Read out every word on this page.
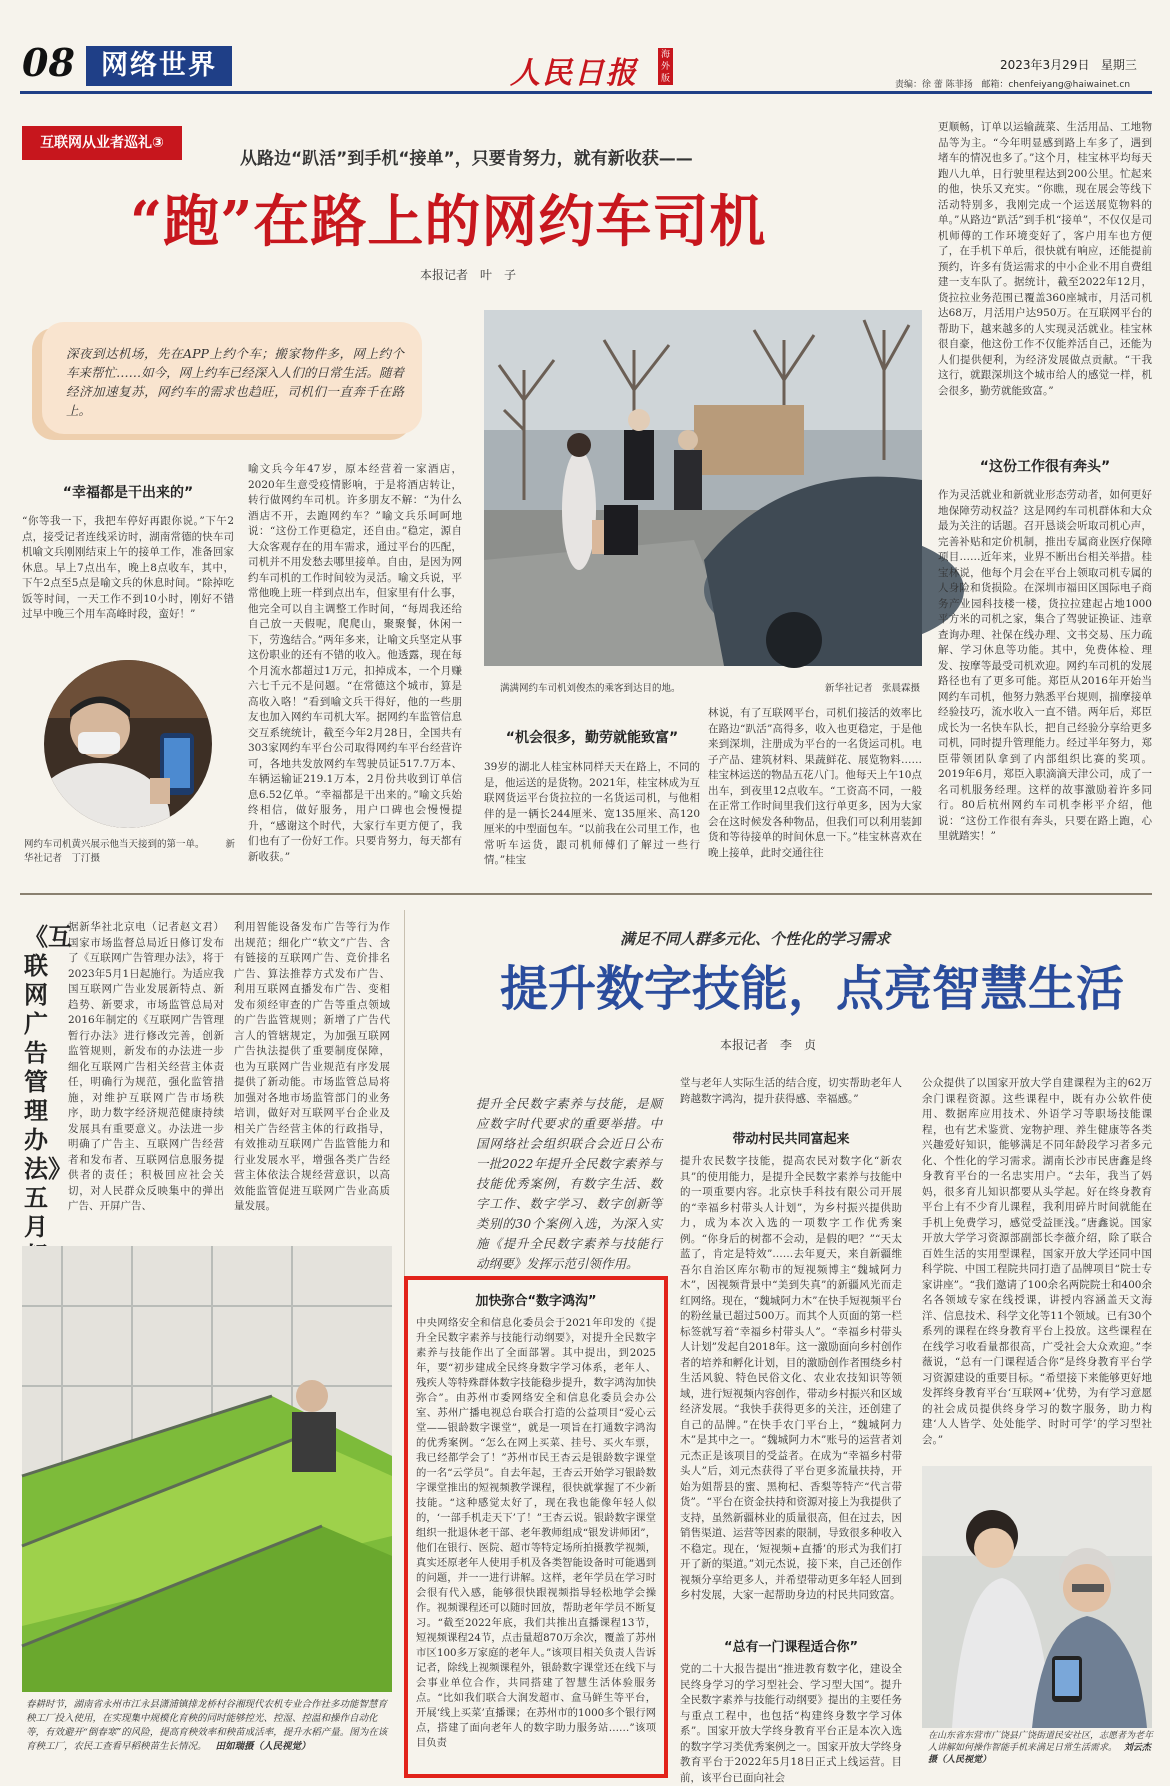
08 网络世界	人民日报
海外版
2023年3月29日 星期三
责编：徐 蕾 陈菲扬 邮箱：chenfeiyang@haiwainet.cn
互联网从业者巡礼③
从路边“趴活”到手机“接单”，只要肯努力，就有新收获——
“跑”在路上的网约车司机
本报记者　叶　子
深夜到达机场，先在APP上约个车；搬家物件多，网上约个车来帮忙……如今，网上约车已经深入人们的日常生活。随着经济加速复苏，网约车的需求也趋旺，司机们一直奔千在路上。
满满网约车司机刘俊杰的乘客到达目的地。	新华社记者　张晨霖摄
“幸福都是干出来的”
“你等我一下，我把车停好再跟你说。”下午2点，接受记者连线采访时，湖南常德的快车司机喻文兵刚刚结束上午的接单工作，准备回家休息。早上7点出车，晚上8点收车，其中，下午2点至5点是喻文兵的休息时间。“除掉吃饭等时间，一天工作不到10小时，刚好不错过早中晚三个用车高峰时段，蛮好！”
网约车司机黄兴展示他当天接到的第一单。 新华社记者　丁汀摄
喻文兵今年47岁，原本经营着一家酒店，2020年生意受疫情影响，于是将酒店转让，转行做网约车司机。许多朋友不解：“为什么酒店不开，去跑网约车？”喻文兵乐呵呵地说：“这份工作更稳定，还自由。”稳定，源自大众客观存在的用车需求，通过平台的匹配，司机并不用发愁去哪里接单。自由，是因为网约车司机的工作时间较为灵活。喻文兵说，平常他晚上班一样到点出车，但家里有什么事，他完全可以自主调整工作时间，“每周我还给自己放一天假呢，爬爬山，聚聚餐，休闲一下，劳逸结合。”两年多来，让喻文兵坚定从事这份职业的还有不错的收入。他透露，现在每个月流水都超过1万元，扣掉成本，一个月赚六七千元不是问题。“在常德这个城市，算是高收入咯！”看到喻文兵干得好，他的一些朋友也加入网约车司机大军。据网约车监管信息交互系统统计，截至今年2月28日，全国共有303家网约车平台公司取得网约车平台经营许可，各地共发放网约车驾驶员证517.7万本、车辆运输证219.1万本，2月份共收到订单信息6.52亿单。“幸福都是干出来的。”喻文兵始终相信，做好服务，用户口碑也会慢慢提升，“感谢这个时代，大家行车更方便了，我们也有了一份好工作。只要肯努力，每天都有新收获。”
“机会很多，勤劳就能致富”
39岁的湖北人桂宝林同样天天在路上，不同的是，他运送的是货物。2021年，桂宝林成为互联网货运平台货拉拉的一名货运司机，与他相伴的是一辆长244厘米、宽135厘米、高120厘米的中型面包车。“以前我在公司里工作，也常听车运货，跟司机师傅们了解过一些行情。”桂宝
林说，有了互联网平台，司机们接活的效率比在路边“趴活”高得多，收入也更稳定，于是他来到深圳，注册成为平台的一名货运司机。电子产品、建筑材料、果蔬鲜花、展览物料……桂宝林运送的物品五花八门。他每天上午10点出车，到夜里12点收车。“工资高不同，一般在正常工作时间里我们这行单更多，因为大家会在这时候发各种物品，但我们可以利用装卸货和等待接单的时间休息一下。”桂宝林喜欢在晚上接单，此时交通往往
更顺畅，订单以运输蔬菜、生活用品、工地物品等为主。“今年明显感到路上车多了，遇到堵车的情况也多了。”这个月，桂宝林平均每天跑八九单，日行驶里程达到200公里。忙起来的他，快乐又充实。“你瞧，现在展会等线下活动特别多，我刚完成一个运送展览物料的单。”从路边“趴活”到手机“接单”，不仅仅是司机师傅的工作环境变好了，客户用车也方便了，在手机下单后，很快就有响应，还能提前预约，许多有货运需求的中小企业不用自费组建一支车队了。据统计，截至2022年12月，货拉拉业务范围已覆盖360座城市，月活司机达68万，月活用户达950万。在互联网平台的帮助下，越来越多的人实现灵活就业。桂宝林很自豪，他这份工作不仅能养活自己，还能为人们提供便利，为经济发展做点贡献。“干我这行，就跟深圳这个城市给人的感觉一样，机会很多，勤劳就能致富。”
“这份工作很有奔头”
作为灵活就业和新就业形态劳动者，如何更好地保障劳动权益？这是网约车司机群体和大众最为关注的话题。召开恳谈会听取司机心声，完善补贴和定价机制，推出专属商业医疗保障项目……近年来，业界不断出台相关举措。桂宝林说，他每个月会在平台上领取司机专属的人身险和货损险。在深圳市福田区国际电子商务产业园科技楼一楼，货拉拉建起占地1000平方米的司机之家，集合了驾驶证换证、违章查询办理、社保在线办理、文书交易、压力疏解、学习休息等功能。其中，免费体检、理发、按摩等最受司机欢迎。网约车司机的发展路径也有了更多可能。郑臣从2016年开始当网约车司机，他努力熟悉平台规则，揣摩接单经验技巧，流水收入一直不错。两年后，郑臣成长为一名快车队长，把自己经验分享给更多司机，同时提升管理能力。经过半年努力，郑臣带领团队拿到了内部组织比赛的奖项。2019年6月，郑臣入职滴滴天津公司，成了一名司机服务经理。这样的故事激励着许多同行。80后杭州网约车司机李彬平介绍，他说：“这份工作很有奔头，只要在路上跑，心里就踏实！”
《互联网广告管理办法》五月
据新华社北京电（记者赵文君）国家市场监督总局近日修订发布了《互联网广告管理办法》，将于2023年5月1日起施行。为适应我国互联网广告业发展新特点、新趋势、新要求，市场监管总局对2016年制定的《互联网广告管理暂行办法》进行修改完善，创新监管规则，新发布的办法进一步细化互联网广告相关经营主体责任，明确行为规范，强化监管措施，对维护互联网广告市场秩序，助力数字经济规范健康持续发展具有重要意义。办法进一步明确了广告主、互联网广告经营者和发布者、互联网信息服务提供者的责任；积极回应社会关切，对人民群众反映集中的弹出广告、开屏广告、
利用智能设备发布广告等行为作出规范；细化广“软文”广告、含有链接的互联网广告、竞价排名广告、算法推荐方式发布广告、利用互联网直播发布广告、变相发布须经审查的广告等重点领域的广告监管规则；新增了广告代言人的管辖规定，为加强互联网广告执法提供了重要制度保障，也为互联网广告业规范有序发展提供了新动能。市场监管总局将加强对各地市场监管部门的业务培训，做好对互联网平台企业及相关广告经营主体的行政指导，有效推动互联网广告监管能力和行业发展水平，增强各类广告经营主体依法合规经营意识，以高效能监管促进互联网广告业高质量发展。
春耕时节，湖南省永州市江永县潇浦镇排龙桥村谷湘现代农机专业合作社多功能智慧育秧工厂投入使用，在实现集中规模化育秧的同时能够控光、控湿、控温和操作自动化等，有效避开“倒春寒”的风险，提高育秧效率和秧苗成活率，提升水稻产量。图为在该育秧工厂，农民工查看早稻秧苗生长情况。 田如瑞摄（人民视觉）
满足不同人群多元化、个性化的学习需求
提升数字技能，点亮智慧生活
本报记者　李　贞
提升全民数字素养与技能，是顺应数字时代要求的重要举措。中国网络社会组织联合会近日公布一批2022年提升全民数字素养与技能优秀案例，有数字生活、数字工作、数字学习、数字创新等类别的30个案例入选，为深入实施《提升全民数字素养与技能行动纲要》发挥示范引领作用。
加快弥合“数字鸿沟”
中央网络安全和信息化委员会于2021年印发的《提升全民数字素养与技能行动纲要》，对提升全民数字素养与技能作出了全面部署。其中提出，到2025年，要“初步建成全民终身数字学习体系，老年人、残疾人等特殊群体数字技能稳步提升，数字鸿沟加快弥合”。由苏州市委网络安全和信息化委员会办公室、苏州广播电视总台联合打造的公益项目“爱心云堂——银龄数字课堂”，就是一项旨在打通数字鸿沟的优秀案例。“怎么在网上买菜、挂号、买火车票，我已经都学会了！”苏州市民王杏云是银龄数字课堂的一名“云学员”。自去年起，王杏云开始学习银龄数字课堂推出的短视频教学课程，很快就掌握了不少新技能。“这种感觉太好了，现在我也能像年轻人似的，‘一部手机走天下’了！”王杏云说。银龄数字课堂组织一批退休老干部、老年教师组成“银发讲师团”，他们在银行、医院、超市等特定场所拍摄教学视频，真实还原老年人使用手机及各类智能设备时可能遇到的问题，并一一进行讲解。这样，老年学员在学习时会很有代入感，能够很快跟视频指导轻松地学会操作。视频课程还可以随时回放，帮助老年学员不断复习。“截至2022年底，我们共推出直播课程13节，短视频课程24节，点击量超870万余次，覆盖了苏州市区100多万家庭的老年人。”该项目相关负责人告诉记者，除线上视频课程外，银龄数字课堂还在线下与会事业单位合作，共同搭建了智慧生活体验服务点。“比如我们联合大润发超市、盒马鲜生等平台，开展‘线上买菜’直播课；在苏州市的1000多个银行网点，搭建了面向老年人的数字助力服务站……”该项目负责
堂与老年人实际生活的结合度，切实帮助老年人跨越数字鸿沟，提升获得感、幸福感。”
带动村民共同富起来
提升农民数字技能，提高农民对数字化“新农具”的使用能力，是提升全民数字素养与技能中的一项重要内容。北京快手科技有限公司开展的“幸福乡村带头人计划”，为乡村振兴提供助力，成为本次入选的一项数字工作优秀案例。“你身后的树都不会动，是假的吧？”“天太蓝了，肯定是特效”……去年夏天，来自新疆维吾尔自治区库尔勒市的短视频博主“魏城阿力木”，因视频背景中“美到失真”的新疆风光而走红网络。现在，“魏城阿力木”在快手短视频平台的粉丝量已超过500万。而其个人页面的第一栏标签就写着“幸福乡村带头人”。“幸福乡村带头人计划”发起自2018年。这一激励面向乡村创作者的培养和孵化计划，目的激励创作者围绕乡村生活风貌、特色民俗文化、农业农技知识等领域，进行短视频内容创作，带动乡村振兴和区域经济发展。“我快手获得更多的关注，还创建了自己的品牌。”在快手农门平台上，“魏城阿力木”是其中之一。“魏城阿力木”账号的运营者刘元杰正是该项目的受益者。在成为“幸福乡村带头人”后，刘元杰获得了平台更多流量扶持，开始为姐帮县的蜜、黑枸杞、香梨等特产“代言带货”。“平台在资金扶持和资源对接上为我提供了支持，虽然新疆林业的质量很高，但在过去，因销售渠道、运营等因素的限制，导致很多种收入不稳定。现在，‘短视频+直播’的形式为我们打开了新的渠道。”刘元杰说，接下来，自己还创作视频分享给更多人，并希望带动更多年轻人回到乡村发展，大家一起帮助身边的村民共同致富。
“总有一门课程适合你”
党的二十大报告提出“推进教育数字化，建设全民终身学习的学习型社会、学习型大国”。提升全民数字素养与技能行动纲要》提出的主要任务与重点工程中，也包括“构建终身数字学习体系”。国家开放大学终身教育平台正是本次入选的数字学习类优秀案例之一。国家开放大学终身教育平台于2022年5月18日正式上线运营。目前，该平台已面向社会
公众提供了以国家开放大学自建课程为主的62万余门课程资源。这些课程中，既有办公软件使用、数据库应用技术、外语学习等职场技能课程，也有艺术鉴赏、宠物护理、养生健康等各类兴趣爱好知识，能够满足不同年龄段学习者多元化、个性化的学习需求。湖南长沙市民唐鑫是终身教育平台的一名忠实用户。“去年，我当了妈妈，很多育儿知识都要从头学起。好在终身教育平台上有不少育儿课程，我利用碎片时间就能在手机上免费学习，感觉受益匪浅。”唐鑫说。国家开放大学学习资源部副部长李薇介绍，除了联合百姓生活的实用型课程，国家开放大学还同中国科学院、中国工程院共同打造了品牌项目“院士专家讲座”。“我们邀请了100余名两院院士和400余名各领域专家在线授课，讲授内容涵盖天文海洋、信息技术、科学文化等11个领域。已有30个系列的课程在终身教育平台上投放。这些课程在在线学习收看量都很高，广受社会大众欢迎。”李薇说，“总有一门课程适合你”是终身教育平台学习资源建设的重要目标。“希望接下来能够更好地发挥终身教育平台‘互联网+’优势，为有学习意愿的社会成员提供终身学习的数字服务，助力构建‘人人皆学、处处能学、时时可学’的学习型社会。”
在山东省东营市广饶县广饶街道民安社区，志愿者为老年人讲解如何操作智能手机来满足日常生活需求。 刘云杰摄（人民视觉）
